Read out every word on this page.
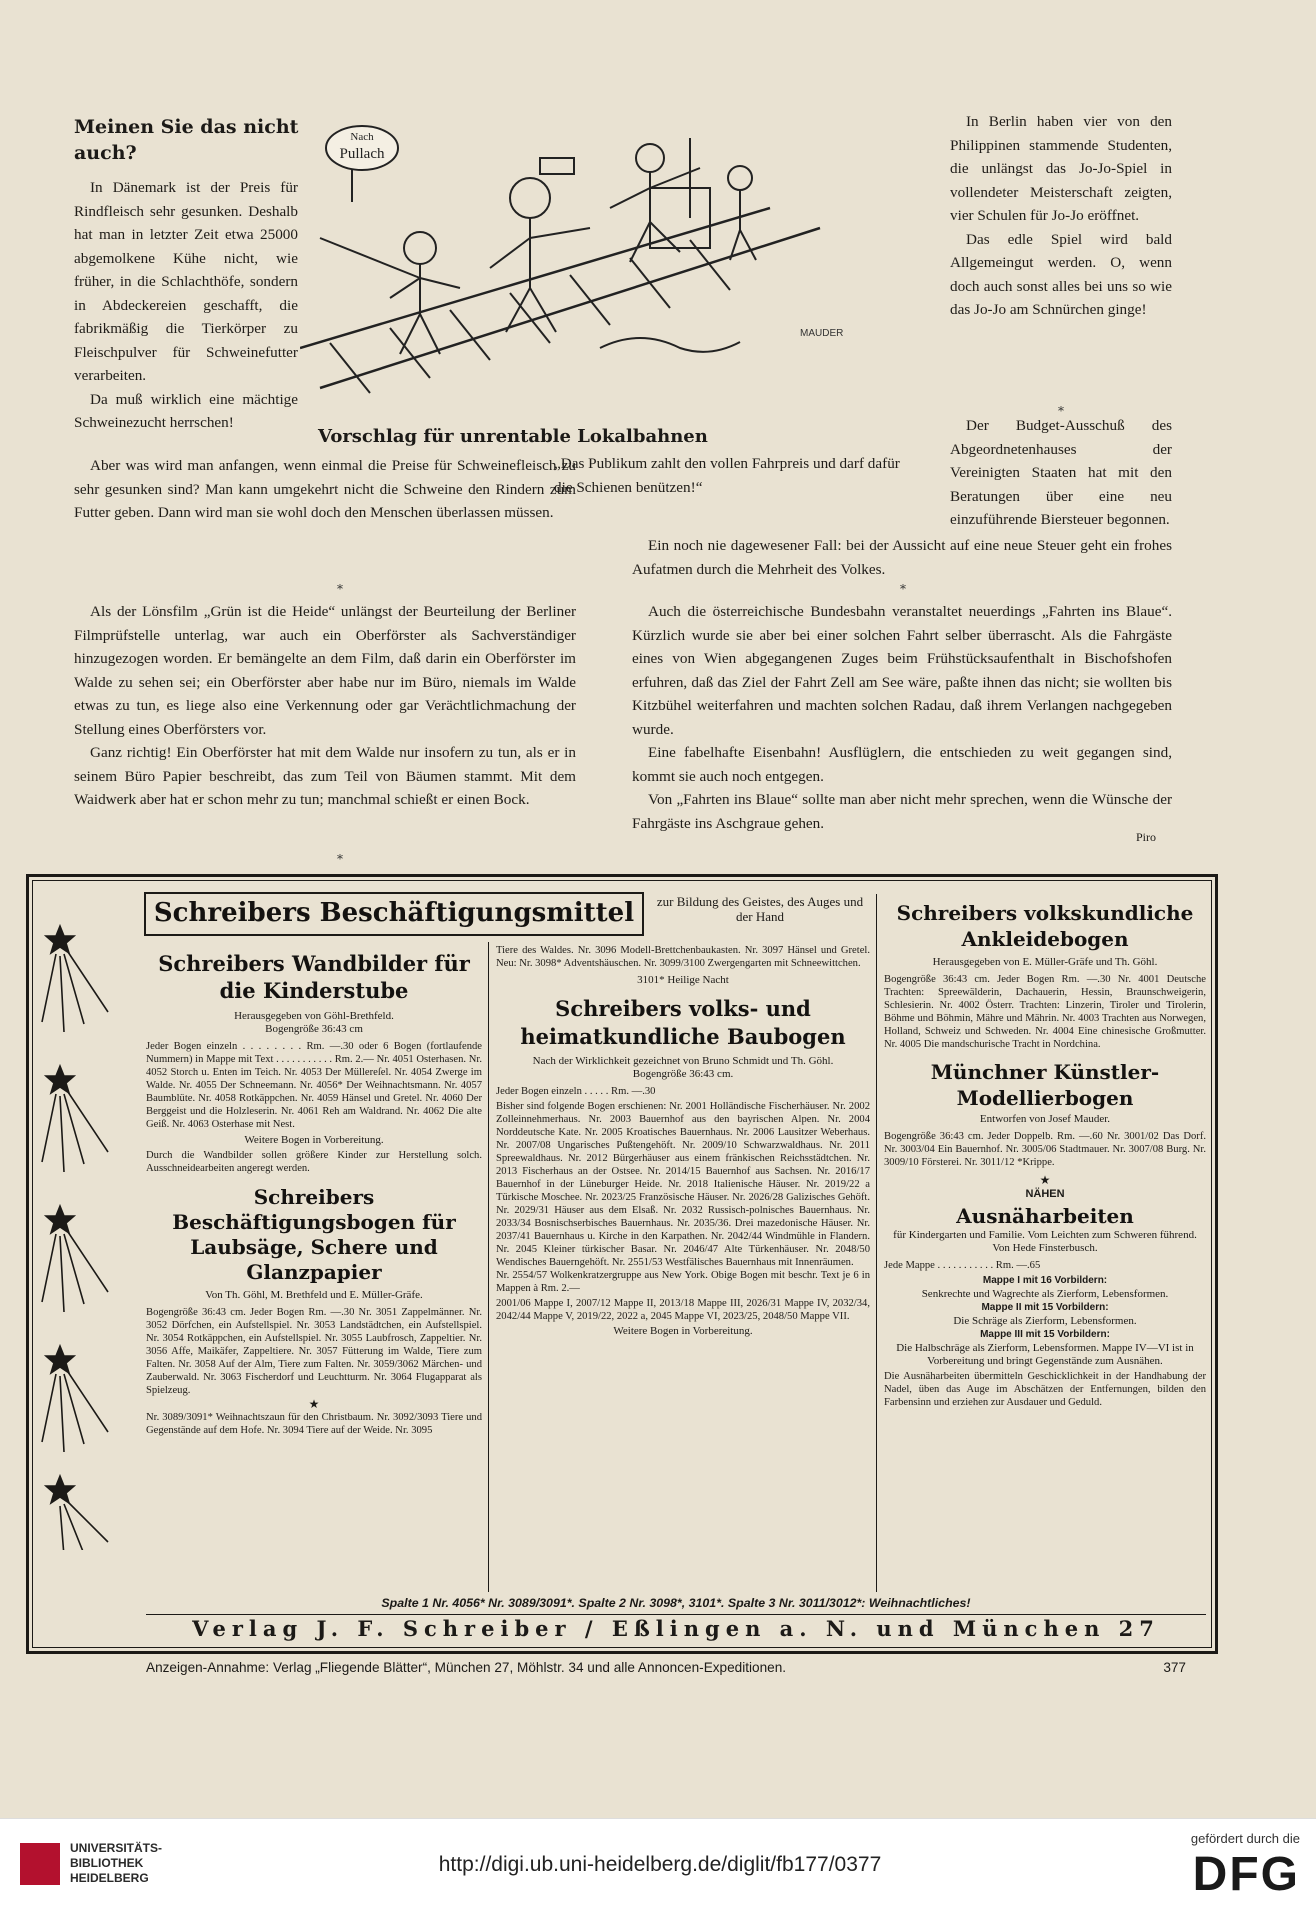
Meinen Sie das nicht auch?

In Dänemark ist der Preis für Rindfleisch sehr gesunken. Deshalb hat man in letzter Zeit etwa 25000 abgemolkene Kühe nicht, wie früher, in die Schlachthöfe, sondern in Abdeckereien geschafft, die fabrikmäßig die Tierkörper zu Fleischpulver für Schweinefutter verarbeiten.

Da muß wirklich eine mächtige Schweinezucht herrschen!

Aber was wird man anfangen, wenn einmal die Preise für Schweinefleisch zu sehr gesunken sind? Man kann umgekehrt nicht die Schweine den Rindern zum Futter geben. Dann wird man sie wohl doch den Menschen überlassen müssen.

Nach
Pullach
MAUDER
Vorschlag für unrentable Lokalbahnen
„Das Publikum zahlt den vollen Fahrpreis und darf dafür die Schienen benützen!“

In Berlin haben vier von den Philippinen stammende Studenten, die unlängst das Jo-Jo-Spiel in vollendeter Meisterschaft zeigten, vier Schulen für Jo-Jo eröffnet.

Das edle Spiel wird bald Allgemeingut werden. O, wenn doch auch sonst alles bei uns so wie das Jo-Jo am Schnürchen ginge!

*

Der Budget-Ausschuß des Abgeordnetenhauses der Vereinigten Staaten hat mit den Beratungen über eine neu einzuführende Biersteuer begonnen.

Ein noch nie dagewesener Fall: bei der Aussicht auf eine neue Steuer geht ein frohes Aufatmen durch die Mehrheit des Volkes.

*	*

Als der Lönsfilm „Grün ist die Heide“ unlängst der Beurteilung der Berliner Filmprüfstelle unterlag, war auch ein Oberförster als Sachverständiger hinzugezogen worden. Er bemängelte an dem Film, daß darin ein Oberförster im Walde zu sehen sei; ein Oberförster aber habe nur im Büro, niemals im Walde etwas zu tun, es liege also eine Verkennung oder gar Verächtlichmachung der Stellung eines Oberförsters vor.

Ganz richtig! Ein Oberförster hat mit dem Walde nur insofern zu tun, als er in seinem Büro Papier beschreibt, das zum Teil von Bäumen stammt. Mit dem Waidwerk aber hat er schon mehr zu tun; manchmal schießt er einen Bock.

Auch die österreichische Bundesbahn veranstaltet neuerdings „Fahrten ins Blaue“. Kürzlich wurde sie aber bei einer solchen Fahrt selber überrascht. Als die Fahrgäste eines von Wien abgegangenen Zuges beim Frühstücksaufenthalt in Bischofshofen erfuhren, daß das Ziel der Fahrt Zell am See wäre, paßte ihnen das nicht; sie wollten bis Kitzbühel weiterfahren und machten solchen Radau, daß ihrem Verlangen nachgegeben wurde.

Eine fabelhafte Eisenbahn! Ausflüglern, die entschieden zu weit gegangen sind, kommt sie auch noch entgegen.

Von „Fahrten ins Blaue“ sollte man aber nicht mehr sprechen, wenn die Wünsche der Fahrgäste ins Aschgraue gehen.

Piro
*
Schreibers Beschäftigungsmittel	zur Bildung des Geistes, des Auges und der Hand
Schreibers Wandbilder für die Kinderstube
Herausgegeben von Göhl-Brethfeld.
Bogengröße 36:43 cm
Jeder Bogen einzeln . . . . . . . . Rm. —.30 oder 6 Bogen (fortlaufende Nummern) in Mappe mit Text . . . . . . . . . . . Rm. 2.— Nr. 4051 Osterhasen. Nr. 4052 Storch u. Enten im Teich. Nr. 4053 Der Müllereſel. Nr. 4054 Zwerge im Walde. Nr. 4055 Der Schneemann. Nr. 4056* Der Weihnachtsmann. Nr. 4057 Baumblüte. Nr. 4058 Rotkäppchen. Nr. 4059 Hänsel und Gretel. Nr. 4060 Der Berggeist und die Holzleserin. Nr. 4061 Reh am Waldrand. Nr. 4062 Die alte Geiß. Nr. 4063 Osterhase mit Nest.
Weitere Bogen in Vorbereitung.
Durch die Wandbilder sollen größere Kinder zur Herstellung solch. Ausschneidearbeiten angeregt werden.
Schreibers Beschäftigungsbogen für Laubsäge, Schere und Glanzpapier
Von Th. Göhl, M. Brethfeld und E. Müller-Gräfe.
Bogengröße 36:43 cm. Jeder Bogen Rm. —.30 Nr. 3051 Zappelmänner. Nr. 3052 Dörfchen, ein Aufstellspiel. Nr. 3053 Landstädtchen, ein Aufstellspiel. Nr. 3054 Rotkäppchen, ein Aufstellspiel. Nr. 3055 Laubfrosch, Zappeltier. Nr. 3056 Affe, Maikäfer, Zappeltiere. Nr. 3057 Fütterung im Walde, Tiere zum Falten. Nr. 3058 Auf der Alm, Tiere zum Falten. Nr. 3059/3062 Märchen- und Zauberwald. Nr. 3063 Fischerdorf und Leuchtturm. Nr. 3064 Flugapparat als Spielzeug.
★
Nr. 3089/3091* Weihnachtszaun für den Christbaum. Nr. 3092/3093 Tiere und Gegenstände auf dem Hofe. Nr. 3094 Tiere auf der Weide. Nr. 3095
Tiere des Waldes. Nr. 3096 Modell-Brettchenbaukasten. Nr. 3097 Hänsel und Gretel. Neu: Nr. 3098* Adventshäuschen. Nr. 3099/3100 Zwergengarten mit Schneewittchen.
3101* Heilige Nacht
Schreibers volks- und heimatkundliche Baubogen
Nach der Wirklichkeit gezeichnet von Bruno Schmidt und Th. Göhl.
Bogengröße 36:43 cm.
Jeder Bogen einzeln . . . . . Rm. —.30
Bisher sind folgende Bogen erschienen: Nr. 2001 Holländische Fischerhäuser. Nr. 2002 Zolleinnehmerhaus. Nr. 2003 Bauernhof aus den bayrischen Alpen. Nr. 2004 Norddeutsche Kate. Nr. 2005 Kroatisches Bauernhaus. Nr. 2006 Lausitzer Weberhaus. Nr. 2007/08 Ungarisches Pußtengehöft. Nr. 2009/10 Schwarzwaldhaus. Nr. 2011 Spreewaldhaus. Nr. 2012 Bürgerhäuser aus einem fränkischen Reichsstädtchen. Nr. 2013 Fischerhaus an der Ostsee. Nr. 2014/15 Bauernhof aus Sachsen. Nr. 2016/17 Bauernhof in der Lüneburger Heide. Nr. 2018 Italienische Häuser. Nr. 2019/22 a Türkische Moschee. Nr. 2023/25 Französische Häuser. Nr. 2026/28 Galizisches Gehöft. Nr. 2029/31 Häuser aus dem Elsaß. Nr. 2032 Russisch-polnisches Bauernhaus. Nr. 2033/34 Bosnischserbisches Bauernhaus. Nr. 2035/36. Drei mazedonische Häuser. Nr. 2037/41 Bauernhaus u. Kirche in den Karpathen. Nr. 2042/44 Windmühle in Flandern. Nr. 2045 Kleiner türkischer Basar. Nr. 2046/47 Alte Türkenhäuser. Nr. 2048/50 Wendisches Bauerngehöft. Nr. 2551/53 Westfälisches Bauernhaus mit Innenräumen.
Nr. 2554/57 Wolkenkratzergruppe aus New York. Obige Bogen mit beschr. Text je 6 in Mappen à Rm. 2.—
2001/06 Mappe I, 2007/12 Mappe II, 2013/18 Mappe III, 2026/31 Mappe IV, 2032/34, 2042/44 Mappe V, 2019/22, 2022 a, 2045 Mappe VI, 2023/25, 2048/50 Mappe VII.
Weitere Bogen in Vorbereitung.
Schreibers volkskundliche Ankleidebogen
Herausgegeben von E. Müller-Gräfe und Th. Göhl.
Bogengröße 36:43 cm. Jeder Bogen Rm. —.30 Nr. 4001 Deutsche Trachten: Spreewälderin, Dachauerin, Hessin, Braunschweigerin, Schlesierin. Nr. 4002 Österr. Trachten: Linzerin, Tiroler und Tirolerin, Böhme und Böhmin, Mähre und Mährin. Nr. 4003 Trachten aus Norwegen, Holland, Schweiz und Schweden. Nr. 4004 Eine chinesische Großmutter. Nr. 4005 Die mandschurische Tracht in Nordchina.
Münchner Künstler-Modellierbogen
Entworfen von Josef Mauder.
Bogengröße 36:43 cm. Jeder Doppelb. Rm. —.60 Nr. 3001/02 Das Dorf. Nr. 3003/04 Ein Bauernhof. Nr. 3005/06 Stadtmauer. Nr. 3007/08 Burg. Nr. 3009/10 Försterei. Nr. 3011/12 *Krippe.
★
NÄHEN
Ausnäharbeiten
für Kindergarten und Familie. Vom Leichten zum Schweren führend. Von Hede Finsterbusch.
Jede Mappe . . . . . . . . . . . Rm. —.65
Mappe I mit 16 Vorbildern:
Senkrechte und Wagrechte als Zierform, Lebensformen.
Mappe II mit 15 Vorbildern:
Die Schräge als Zierform, Lebensformen.
Mappe III mit 15 Vorbildern:
Die Halbschräge als Zierform, Lebensformen. Mappe IV—VI ist in Vorbereitung und bringt Gegenstände zum Ausnähen.
Die Ausnäharbeiten übermitteln Geschicklichkeit in der Handhabung der Nadel, üben das Auge im Abschätzen der Entfernungen, bilden den Farbensinn und erziehen zur Ausdauer und Geduld.
Spalte 1 Nr. 4056* Nr. 3089/3091*. Spalte 2 Nr. 3098*, 3101*. Spalte 3 Nr. 3011/3012*: Weihnachtliches!
Verlag J. F. Schreiber / Eßlingen a. N. und München 27
Anzeigen-Annahme: Verlag „Fliegende Blätter“, München 27, Möhlstr. 34 und alle Annoncen-Expeditionen.	377
UNIVERSITÄTS-
BIBLIOTHEK
HEIDELBERG
http://digi.ub.uni-heidelberg.de/diglit/fb177/0377
gefördert durch die
DFG
